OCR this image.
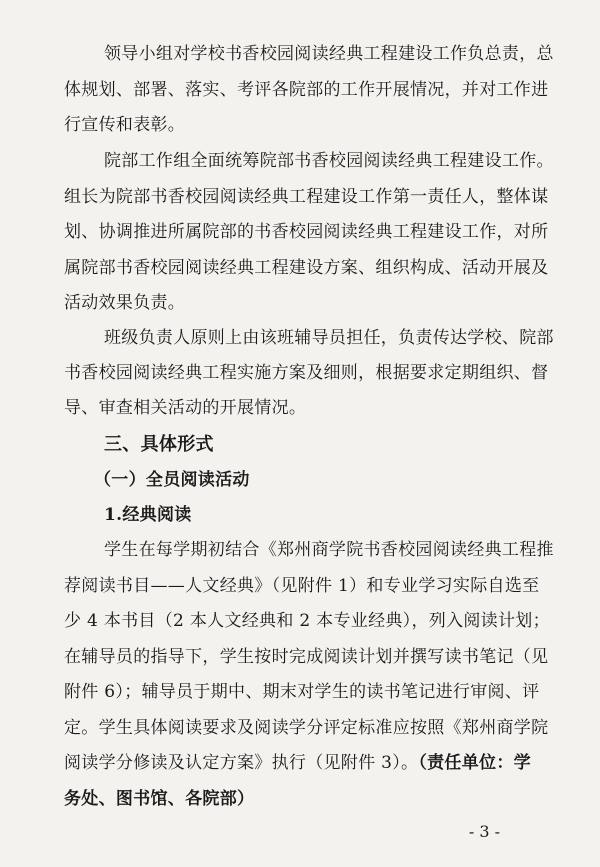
领导小组对学校书香校园阅读经典工程建设工作负总责，总
体规划、部署、落实、考评各院部的工作开展情况，并对工作进
行宣传和表彰。
院部工作组全面统筹院部书香校园阅读经典工程建设工作。
组长为院部书香校园阅读经典工程建设工作第一责任人，整体谋
划、协调推进所属院部的书香校园阅读经典工程建设工作，对所
属院部书香校园阅读经典工程建设方案、组织构成、活动开展及
活动效果负责。
班级负责人原则上由该班辅导员担任，负责传达学校、院部
书香校园阅读经典工程实施方案及细则，根据要求定期组织、督
导、审查相关活动的开展情况。
三、具体形式
（一）全员阅读活动
1.经典阅读
学生在每学期初结合《郑州商学院书香校园阅读经典工程推
荐阅读书目——人文经典》（见附件 1）和专业学习实际自选至
少 4 本书目（2 本人文经典和 2 本专业经典），列入阅读计划；
在辅导员的指导下，学生按时完成阅读计划并撰写读书笔记（见
附件 6）；辅导员于期中、期末对学生的读书笔记进行审阅、评
定。学生具体阅读要求及阅读学分评定标准应按照《郑州商学院
阅读学分修读及认定方案》执行（见附件 3）。（责任单位：学
务处、图书馆、各院部）
- 3 -
